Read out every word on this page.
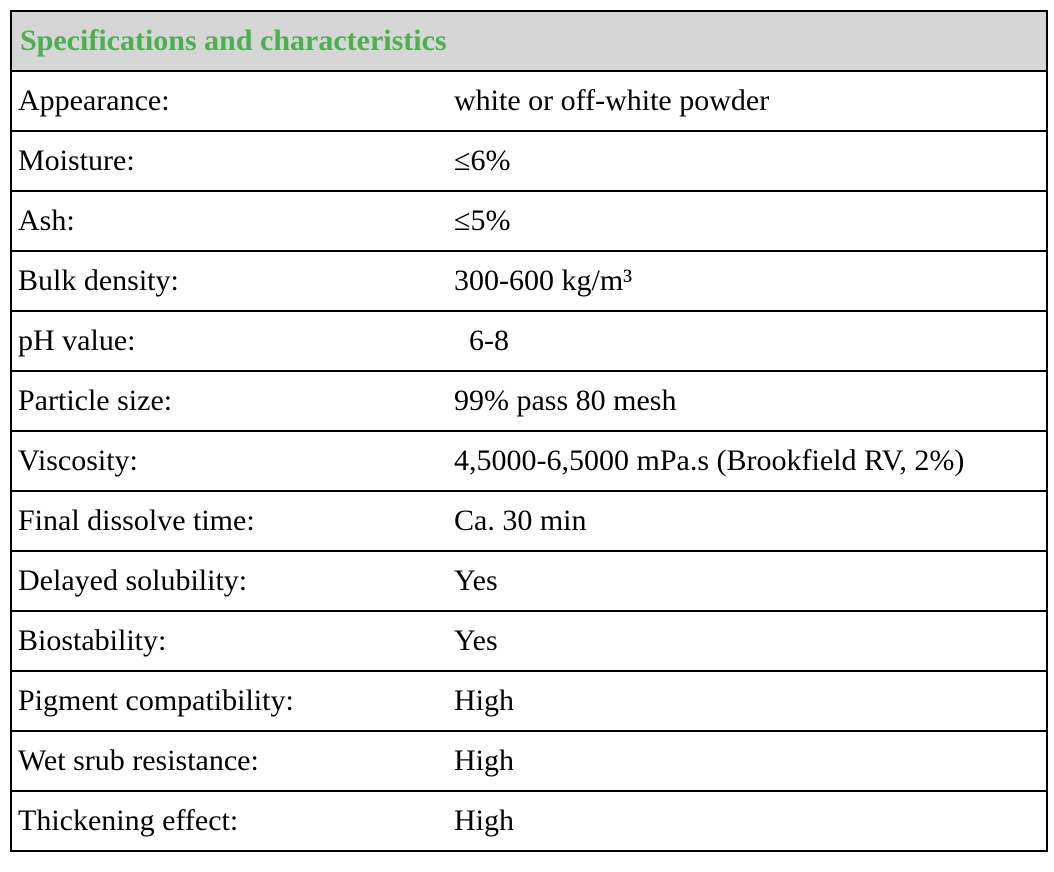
Specifications and characteristics	
Appearance:	white or off-white powder
Moisture:	≤6%
Ash:	≤5%
Bulk density:	300-600 kg/m³
pH value:	6-8
Particle size:	99% pass 80 mesh
Viscosity:	4,5000-6,5000 mPa.s (Brookfield RV, 2%)
Final dissolve time:	Ca. 30 min
Delayed solubility:	Yes
Biostability:	Yes
Pigment compatibility:	High
Wet srub resistance:	High
Thickening effect:	High
